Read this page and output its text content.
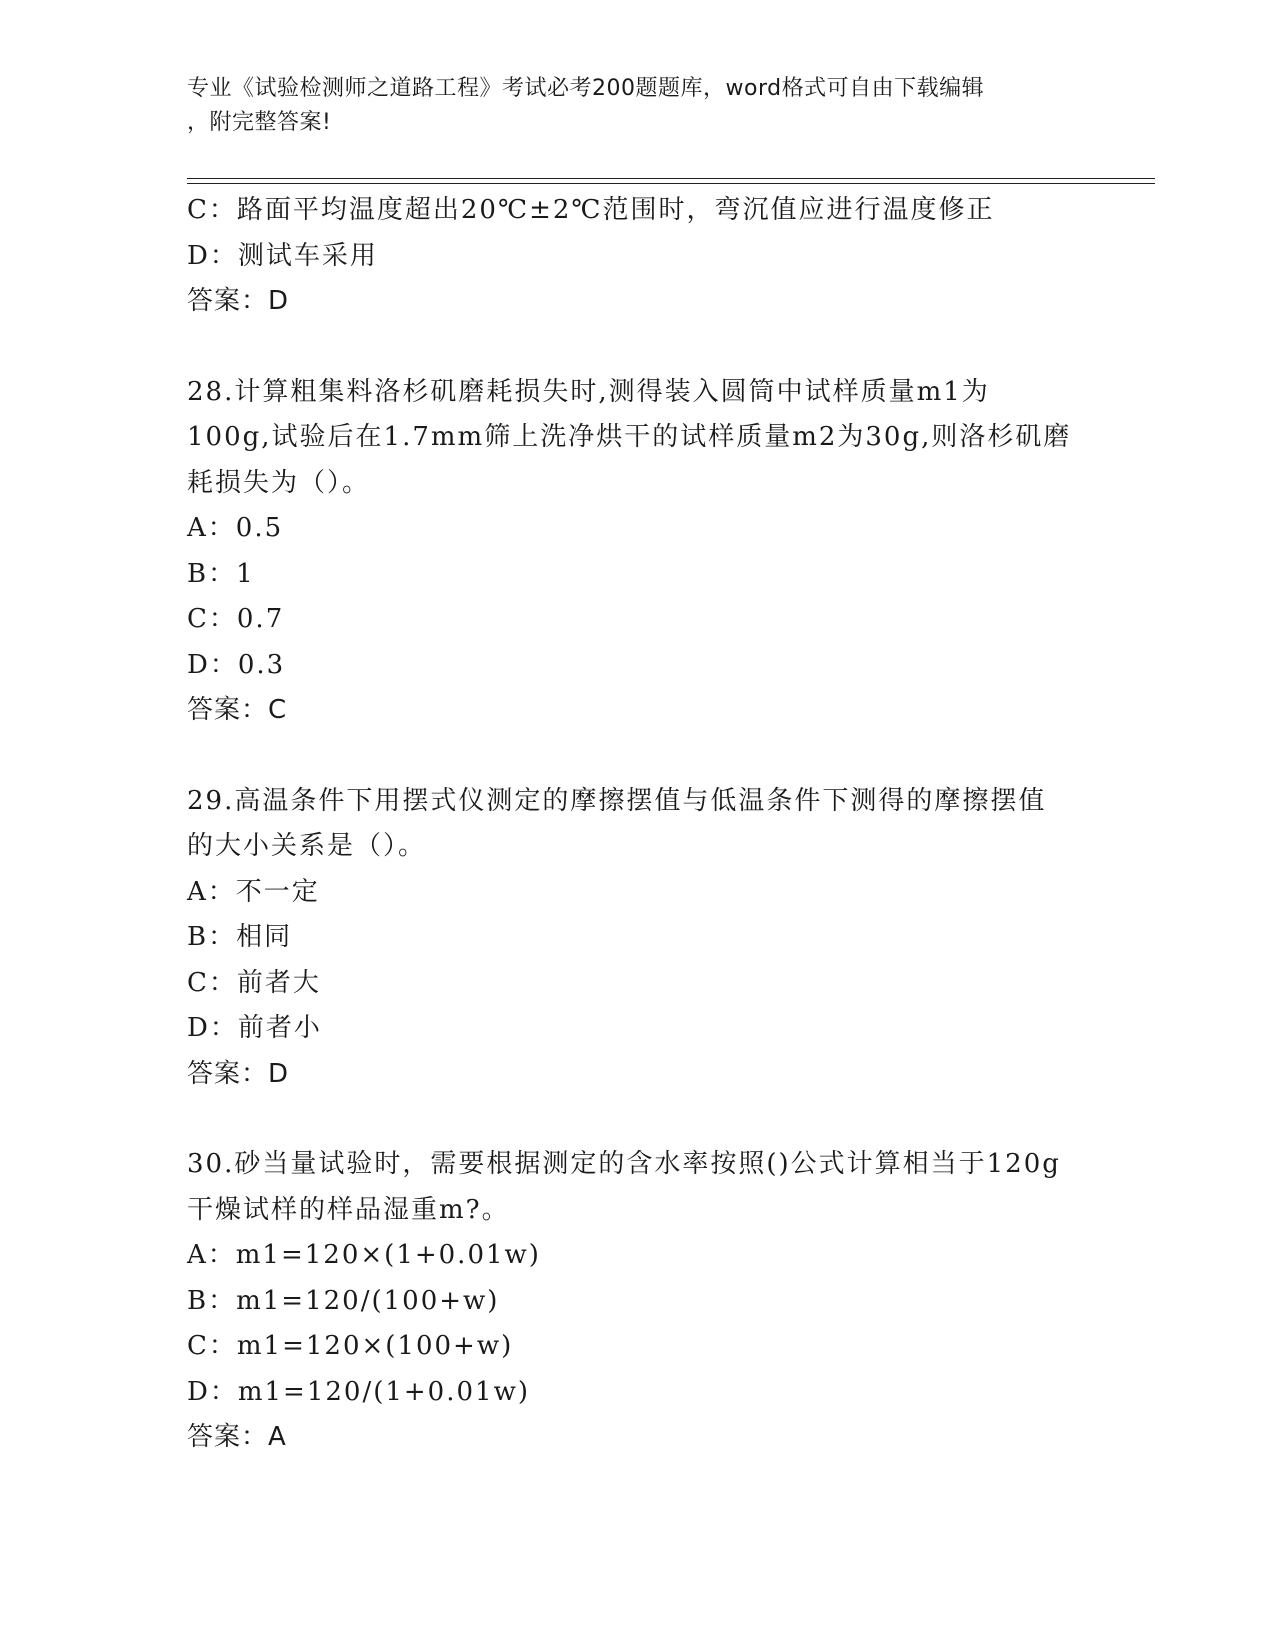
专业《试验检测师之道路工程》考试必考200题题库，word格式可自由下载编辑
，附完整答案!
C：路面平均温度超出20℃±2℃范围时，弯沉值应进行温度修正
D：测试车采用
答案：D
28.计算粗集料洛杉矶磨耗损失时,测得装入圆筒中试样质量m1为
100g,试验后在1.7mm筛上洗净烘干的试样质量m2为30g,则洛杉矶磨
耗损失为（）。
A：0.5
B：1
C：0.7
D：0.3
答案：C
29.高温条件下用摆式仪测定的摩擦摆值与低温条件下测得的摩擦摆值
的大小关系是（）。
A：不一定
B：相同
C：前者大
D：前者小
答案：D
30.砂当量试验时，需要根据测定的含水率按照()公式计算相当于120g
干燥试样的样品湿重m?。
A：m1=120×(1+0.01w)
B：m1=120/(100+w)
C：m1=120×(100+w)
D：m1=120/(1+0.01w)
答案：A
